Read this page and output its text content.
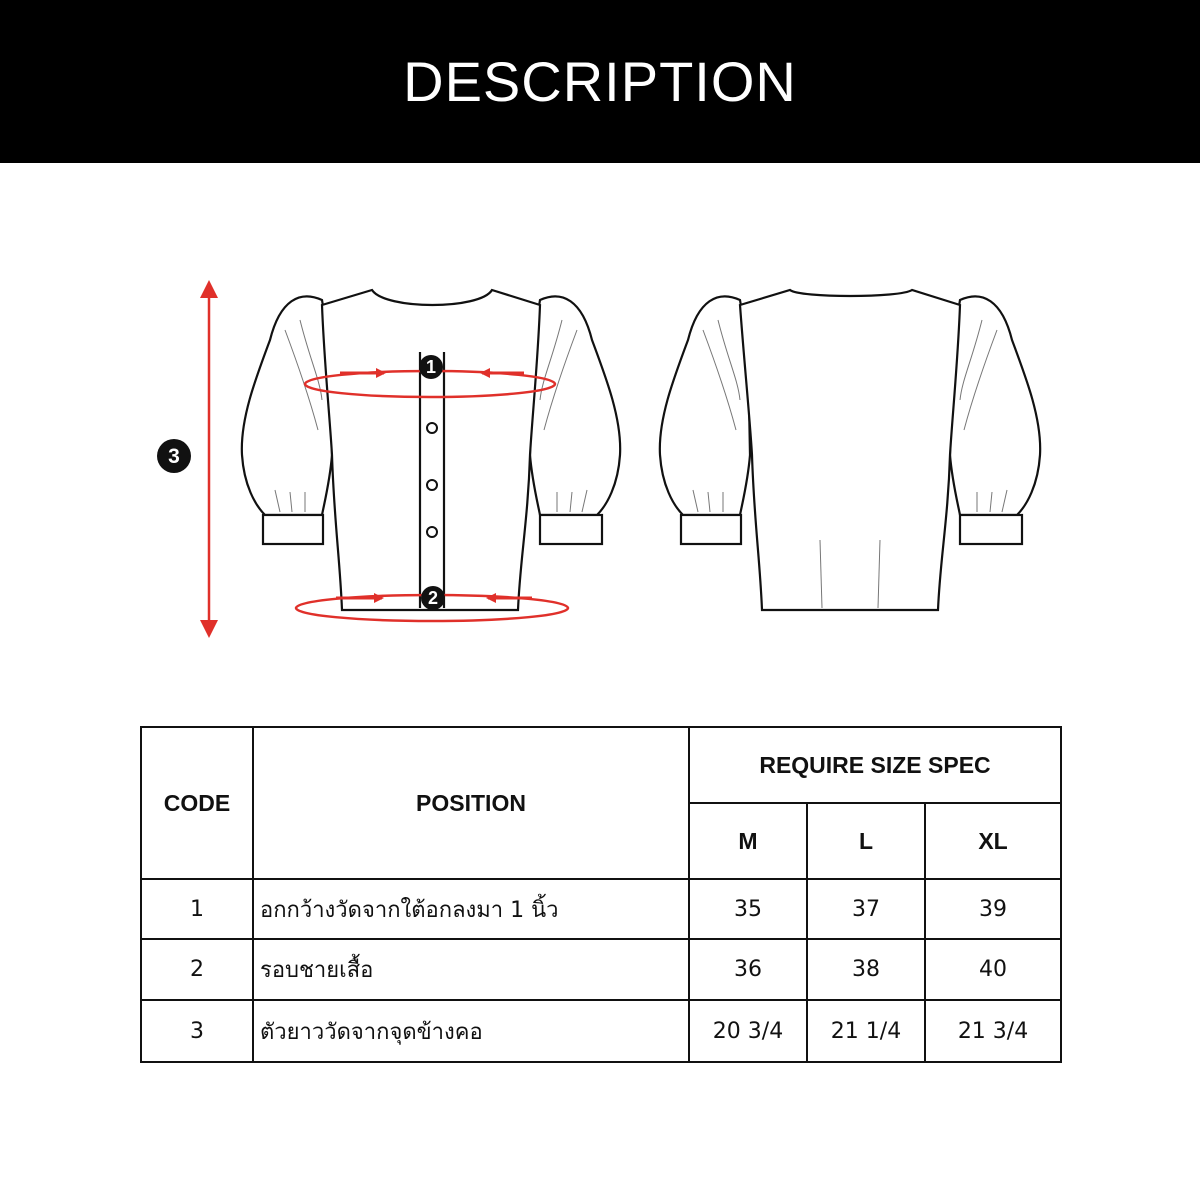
DESCRIPTION
1
2
3
CODE	POSITION	REQUIRE SIZE SPEC		
		M	L	XL
1	อกกว้างวัดจากใต้อกลงมา 1 นิ้ว	35	37	39
2	รอบชายเสื้อ	36	38	40
3	ตัวยาววัดจากจุดข้างคอ	20 3/4	21 1/4	21 3/4
